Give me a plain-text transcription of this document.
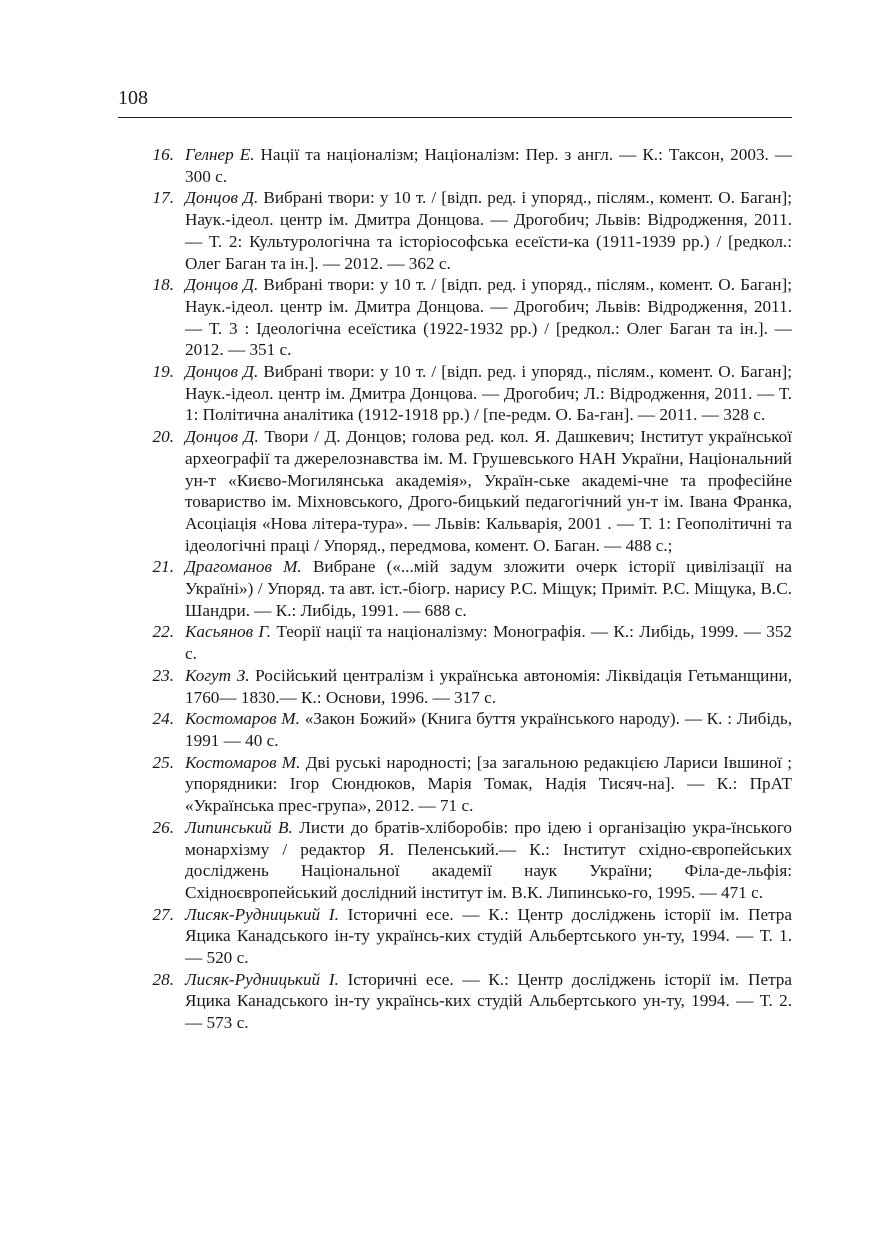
108
16. Гелнер Е. Нації та націоналізм; Націоналізм: Пер. з англ. — К.: Таксон, 2003. — 300 с.
17. Донцов Д. Вибрані твори: у 10 т. / [відп. ред. і упоряд., післям., комент. О. Баган]; Наук.-ідеол. центр ім. Дмитра Донцова. — Дрогобич; Львів: Відродження, 2011. — Т. 2: Культурологічна та історіософська есеїсти-ка (1911-1939 рр.) / [редкол.: Олег Баган та ін.]. — 2012. — 362 с.
18. Донцов Д. Вибрані твори: у 10 т. / [відп. ред. і упоряд., післям., комент. О. Баган]; Наук.-ідеол. центр ім. Дмитра Донцова. — Дрогобич; Львів: Відродження, 2011. — Т. 3 : Ідеологічна есеїстика (1922-1932 рр.) / [редкол.: Олег Баган та ін.]. — 2012. — 351 с.
19. Донцов Д. Вибрані твори: у 10 т. / [відп. ред. і упоряд., післям., комент. О. Баган]; Наук.-ідеол. центр ім. Дмитра Донцова. — Дрогобич; Л.: Відродження, 2011. — Т. 1: Політична аналітика (1912-1918 рр.) / [пе-редм. О. Ба-ган]. — 2011. — 328 с.
20. Донцов Д. Твори / Д. Донцов; голова ред. кол. Я. Дашкевич; Інститут української археографії та джерелознавства ім. М. Грушевського НАН України, Національний ун-т «Києво-Могилянська академія», Україн-ське академі-чне та професійне товариство ім. Міхновського, Дрого-бицький педагогічний ун-т ім. Івана Франка, Асоціація «Нова літера-тура». — Львів: Кальварія, 2001 . — Т. 1: Геополітичні та ідеологічні праці / Упоряд., передмова, комент. О. Баган. — 488 с.;
21. Драгоманов М. Вибране («...мій задум зложити очерк історії цивілізації на Україні») / Упоряд. та авт. іст.-біогр. нарису Р.С. Міщук; Приміт. Р.С. Міщука, В.С. Шандри. — К.: Либідь, 1991. — 688 с.
22. Касьянов Г. Теорії нації та націоналізму: Монографія. — К.: Либідь, 1999. — 352 с.
23. Когут З. Російський централізм і українська автономія: Ліквідація Гетьманщини, 1760— 1830.— К.: Основи, 1996. — 317 с.
24. Костомаров М. «Закон Божий» (Книга буття українського народу). — К. : Либідь, 1991 — 40 с.
25. Костомаров М. Дві руські народності; [за загальною редакцією Лариси Івшиної ; упорядники: Ігор Сюндюков, Марія Томак, Надія Тисяч-на]. — К.: ПрАТ «Українська прес-група», 2012. — 71 с.
26. Липинський В. Листи до братів-хліборобів: про ідею і організацію укра-їнського монархізму / редактор Я. Пеленський.— К.: Інститут східно-європейських досліджень Національної академії наук України; Філа-де-льфія: Східноєвропейський дослідний інститут ім. В.К. Липинсько-го, 1995. — 471 с.
27. Лисяк-Рудницький І. Історичні есе. — К.: Центр досліджень історії ім. Петра Яцика Канадського ін-ту українсь-ких студій Альбертського ун-ту, 1994. — Т. 1. — 520 с.
28. Лисяк-Рудницький І. Історичні есе. — К.: Центр досліджень історії ім. Петра Яцика Канадського ін-ту українсь-ких студій Альбертського ун-ту, 1994. — Т. 2. — 573 с.
